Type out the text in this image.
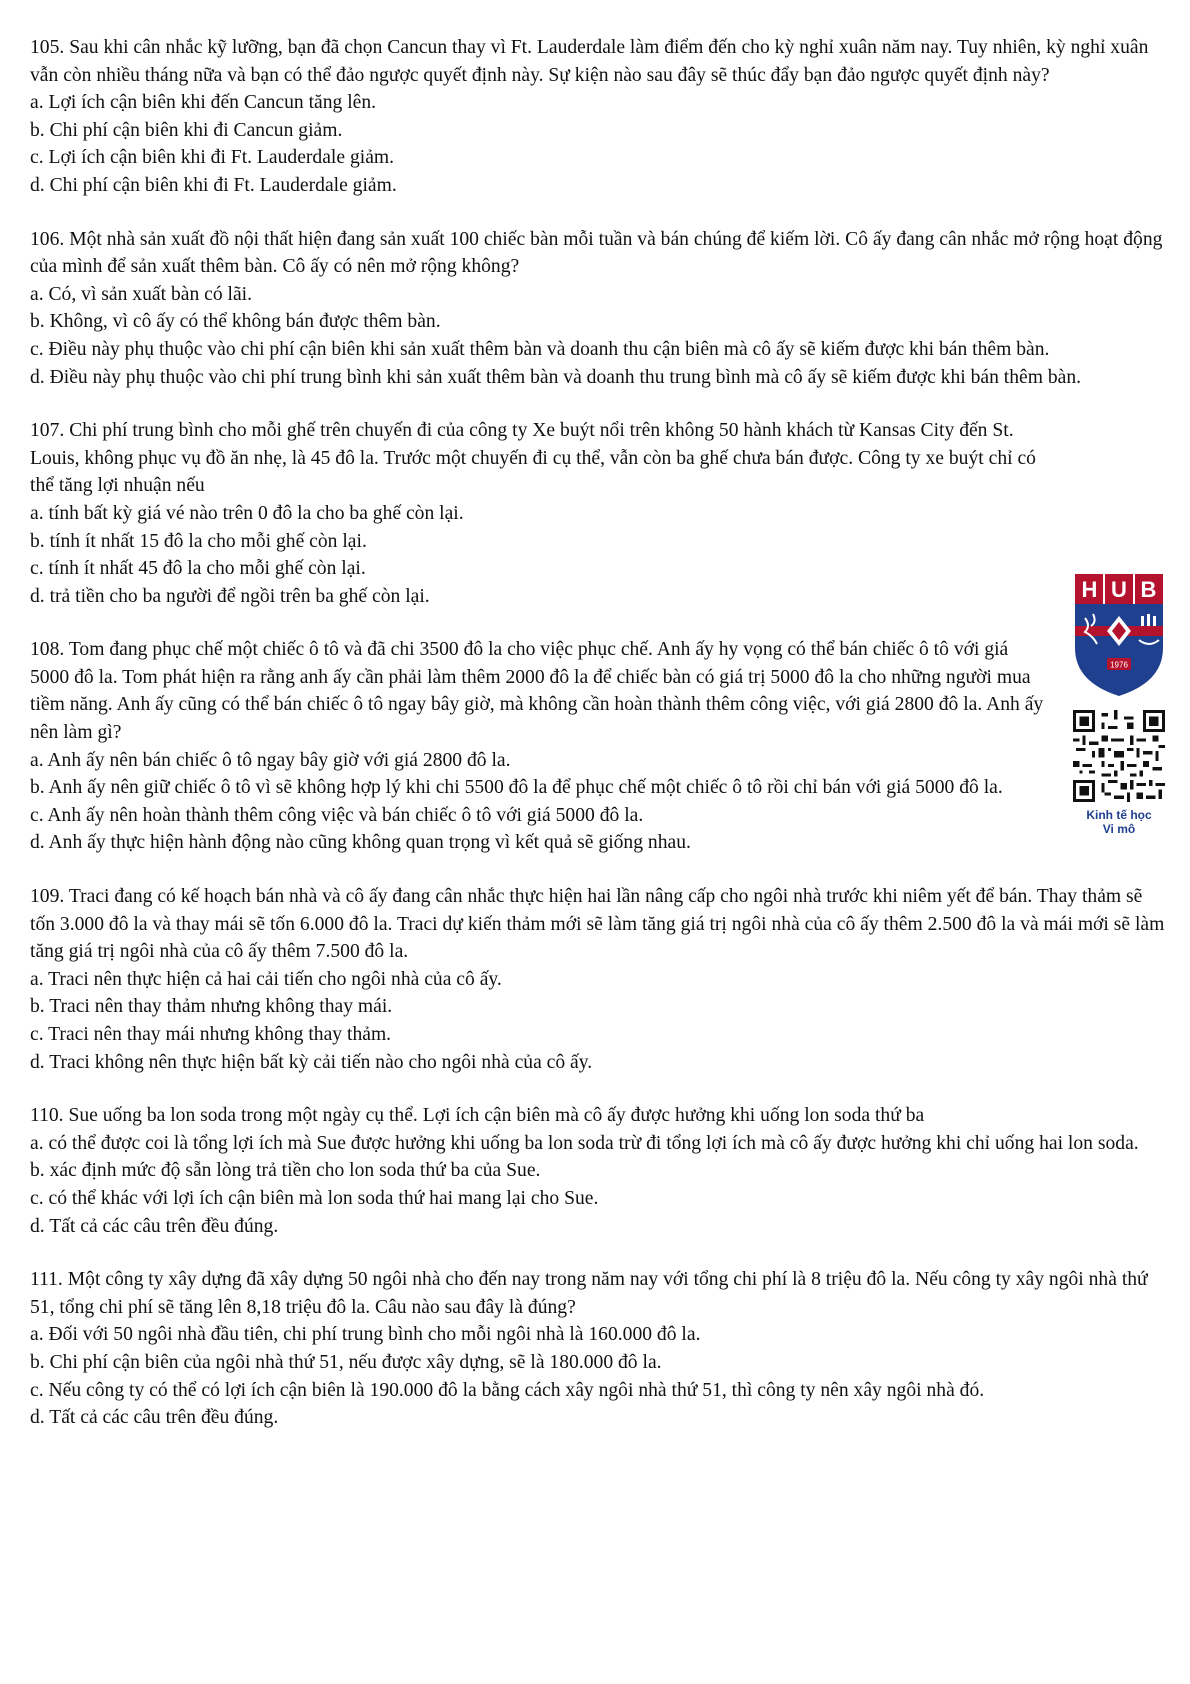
105. Sau khi cân nhắc kỹ lưỡng, bạn đã chọn Cancun thay vì Ft. Lauderdale làm điểm đến cho kỳ nghỉ xuân năm nay. Tuy nhiên, kỳ nghỉ xuân vẫn còn nhiều tháng nữa và bạn có thể đảo ngược quyết định này. Sự kiện nào sau đây sẽ thúc đẩy bạn đảo ngược quyết định này?

a. Lợi ích cận biên khi đến Cancun tăng lên.

b. Chi phí cận biên khi đi Cancun giảm.

c. Lợi ích cận biên khi đi Ft. Lauderdale giảm.

d. Chi phí cận biên khi đi Ft. Lauderdale giảm.

106. Một nhà sản xuất đồ nội thất hiện đang sản xuất 100 chiếc bàn mỗi tuần và bán chúng để kiếm lời. Cô ấy đang cân nhắc mở rộng hoạt động của mình để sản xuất thêm bàn. Cô ấy có nên mở rộng không?

a. Có, vì sản xuất bàn có lãi.

b. Không, vì cô ấy có thể không bán được thêm bàn.

c. Điều này phụ thuộc vào chi phí cận biên khi sản xuất thêm bàn và doanh thu cận biên mà cô ấy sẽ kiếm được khi bán thêm bàn.

d. Điều này phụ thuộc vào chi phí trung bình khi sản xuất thêm bàn và doanh thu trung bình mà cô ấy sẽ kiếm được khi bán thêm bàn.

107. Chi phí trung bình cho mỗi ghế trên chuyến đi của công ty Xe buýt nổi trên không 50 hành khách từ Kansas City đến St. Louis, không phục vụ đồ ăn nhẹ, là 45 đô la. Trước một chuyến đi cụ thể, vẫn còn ba ghế chưa bán được. Công ty xe buýt chỉ có thể tăng lợi nhuận nếu

a. tính bất kỳ giá vé nào trên 0 đô la cho ba ghế còn lại.

b. tính ít nhất 15 đô la cho mỗi ghế còn lại.

c. tính ít nhất 45 đô la cho mỗi ghế còn lại.

d. trả tiền cho ba người để ngồi trên ba ghế còn lại.

108. Tom đang phục chế một chiếc ô tô và đã chi 3500 đô la cho việc phục chế. Anh ấy hy vọng có thể bán chiếc ô tô với giá 5000 đô la. Tom phát hiện ra rằng anh ấy cần phải làm thêm 2000 đô la để chiếc bàn có giá trị 5000 đô la cho những người mua tiềm năng. Anh ấy cũng có thể bán chiếc ô tô ngay bây giờ, mà không cần hoàn thành thêm công việc, với giá 2800 đô la. Anh ấy nên làm gì?

a. Anh ấy nên bán chiếc ô tô ngay bây giờ với giá 2800 đô la.

b. Anh ấy nên giữ chiếc ô tô vì sẽ không hợp lý khi chi 5500 đô la để phục chế một chiếc ô tô rồi chỉ bán với giá 5000 đô la.

c. Anh ấy nên hoàn thành thêm công việc và bán chiếc ô tô với giá 5000 đô la.

d. Anh ấy thực hiện hành động nào cũng không quan trọng vì kết quả sẽ giống nhau.

109. Traci đang có kế hoạch bán nhà và cô ấy đang cân nhắc thực hiện hai lần nâng cấp cho ngôi nhà trước khi niêm yết để bán. Thay thảm sẽ tốn 3.000 đô la và thay mái sẽ tốn 6.000 đô la. Traci dự kiến thảm mới sẽ làm tăng giá trị ngôi nhà của cô ấy thêm 2.500 đô la và mái mới sẽ làm tăng giá trị ngôi nhà của cô ấy thêm 7.500 đô la.

a. Traci nên thực hiện cả hai cải tiến cho ngôi nhà của cô ấy.

b. Traci nên thay thảm nhưng không thay mái.

c. Traci nên thay mái nhưng không thay thảm.

d. Traci không nên thực hiện bất kỳ cải tiến nào cho ngôi nhà của cô ấy.

110. Sue uống ba lon soda trong một ngày cụ thể. Lợi ích cận biên mà cô ấy được hưởng khi uống lon soda thứ ba

a. có thể được coi là tổng lợi ích mà Sue được hưởng khi uống ba lon soda trừ đi tổng lợi ích mà cô ấy được hưởng khi chỉ uống hai lon soda.

b. xác định mức độ sẵn lòng trả tiền cho lon soda thứ ba của Sue.

c. có thể khác với lợi ích cận biên mà lon soda thứ hai mang lại cho Sue.

d. Tất cả các câu trên đều đúng.

111. Một công ty xây dựng đã xây dựng 50 ngôi nhà cho đến nay trong năm nay với tổng chi phí là 8 triệu đô la. Nếu công ty xây ngôi nhà thứ 51, tổng chi phí sẽ tăng lên 8,18 triệu đô la. Câu nào sau đây là đúng?

a. Đối với 50 ngôi nhà đầu tiên, chi phí trung bình cho mỗi ngôi nhà là 160.000 đô la.

b. Chi phí cận biên của ngôi nhà thứ 51, nếu được xây dựng, sẽ là 180.000 đô la.

c. Nếu công ty có thể có lợi ích cận biên là 190.000 đô la bằng cách xây ngôi nhà thứ 51, thì công ty nên xây ngôi nhà đó.

d. Tất cả các câu trên đều đúng.

H U B
1976
Kinh tế học
Vi mô
